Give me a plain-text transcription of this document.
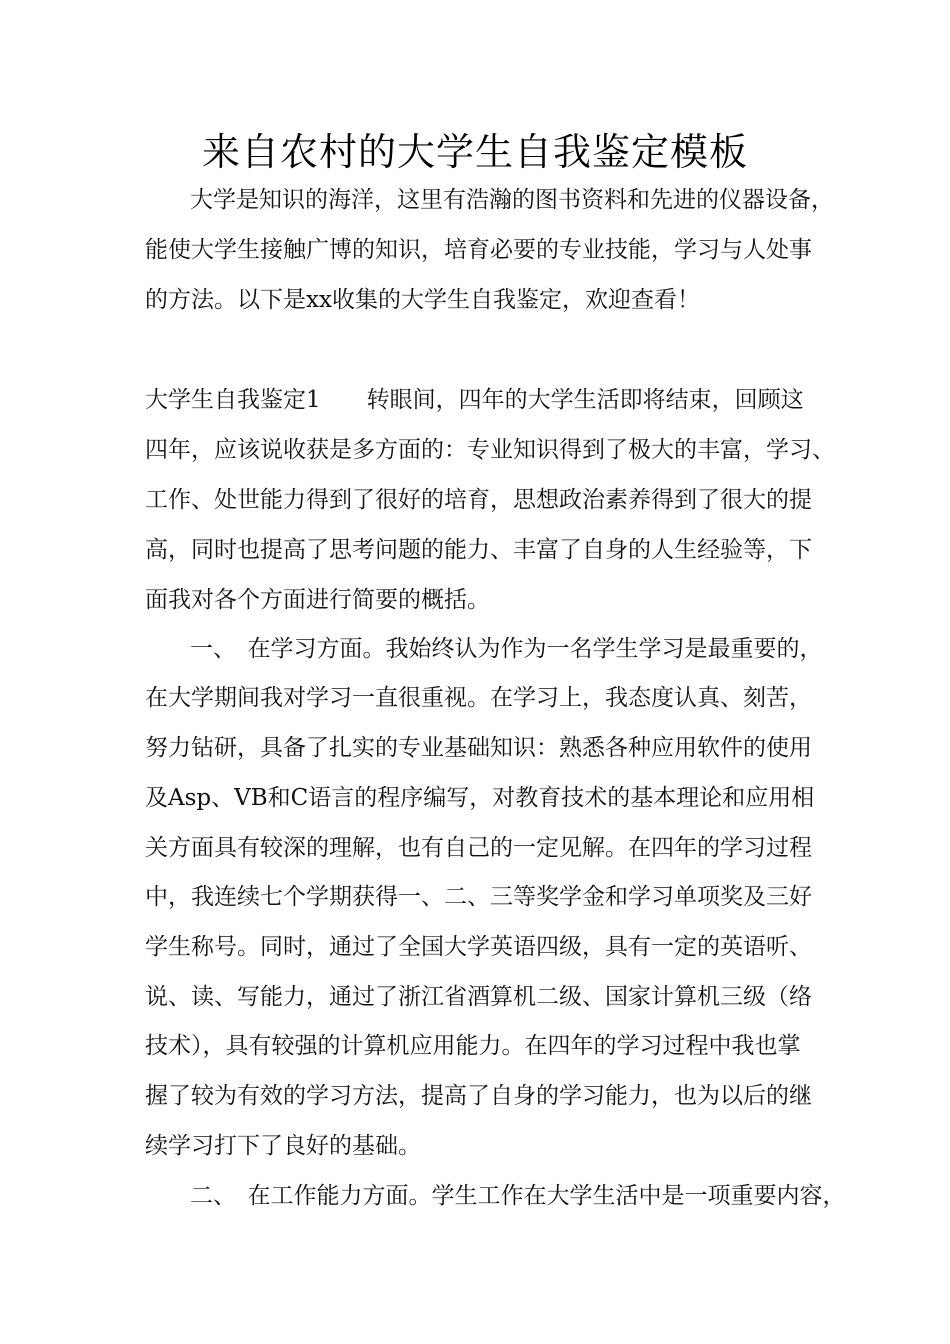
来自农村的大学生自我鉴定模板
大学是知识的海洋，这里有浩瀚的图书资料和先进的仪器设备，
能使大学生接触广博的知识，培育必要的专业技能，学习与人处事
的方法。以下是xx收集的大学生自我鉴定，欢迎查看！
大学生自我鉴定1　　转眼间，四年的大学生活即将结束，回顾这
四年，应该说收获是多方面的：专业知识得到了极大的丰富，学习、
工作、处世能力得到了很好的培育，思想政治素养得到了很大的提
高，同时也提高了思考问题的能力、丰富了自身的人生经验等，下
面我对各个方面进行简要的概括。
一、　在学习方面。我始终认为作为一名学生学习是最重要的，
在大学期间我对学习一直很重视。在学习上，我态度认真、刻苦，
努力钻研，具备了扎实的专业基础知识：熟悉各种应用软件的使用
及Asp、VB和C语言的程序编写，对教育技术的基本理论和应用相
关方面具有较深的理解，也有自己的一定见解。在四年的学习过程
中，我连续七个学期获得一、二、三等奖学金和学习单项奖及三好
学生称号。同时，通过了全国大学英语四级，具有一定的英语听、
说、读、写能力，通过了浙江省酒算机二级、国家计算机三级（络
技术），具有较强的计算机应用能力。在四年的学习过程中我也掌
握了较为有效的学习方法，提高了自身的学习能力，也为以后的继
续学习打下了良好的基础。
二、　在工作能力方面。学生工作在大学生活中是一项重要内容，
